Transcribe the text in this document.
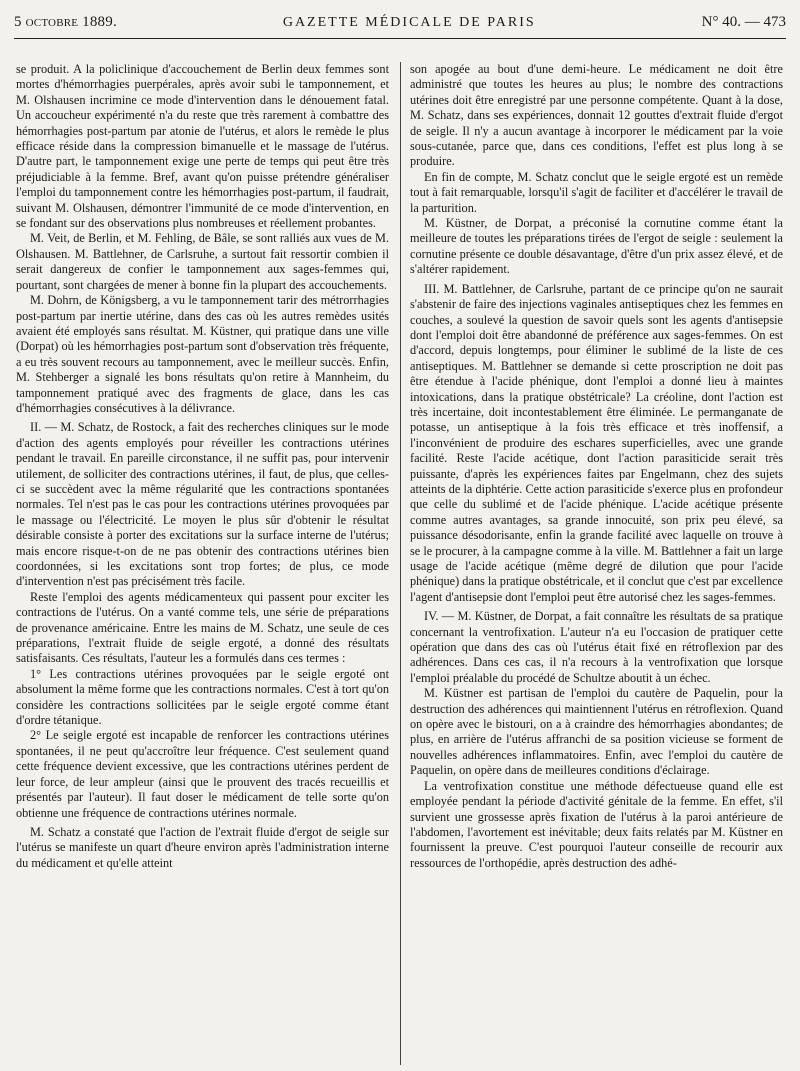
5 octobre 1889.	GAZETTE MÉDICALE DE PARIS	N° 40. — 473

se produit. A la policlinique d'accouchement de Berlin deux femmes sont mortes d'hémorrhagies puerpérales, après avoir subi le tamponnement, et M. Olshausen incrimine ce mode d'intervention dans le dénouement fatal. Un accoucheur expérimenté n'a du reste que très rarement à combattre des hémorrhagies post-partum par atonie de l'utérus, et alors le remède le plus efficace réside dans la compression bimanuelle et le massage de l'utérus. D'autre part, le tamponnement exige une perte de temps qui peut être très préjudiciable à la femme. Bref, avant qu'on puisse prétendre généraliser l'emploi du tamponnement contre les hémorrhagies post-partum, il faudrait, suivant M. Olshausen, démontrer l'immunité de ce mode d'intervention, en se fondant sur des observations plus nombreuses et réellement probantes.

M. Veit, de Berlin, et M. Fehling, de Bâle, se sont ralliés aux vues de M. Olshausen. M. Battlehner, de Carlsruhe, a surtout fait ressortir combien il serait dangereux de confier le tamponnement aux sages-femmes qui, pourtant, sont chargées de mener à bonne fin la plupart des accouchements.

M. Dohrn, de Königsberg, a vu le tamponnement tarir des métrorrhagies post-partum par inertie utérine, dans des cas où les autres remèdes usités avaient été employés sans résultat. M. Küstner, qui pratique dans une ville (Dorpat) où les hémorrhagies post-partum sont d'observation très fréquente, a eu très souvent recours au tamponnement, avec le meilleur succès. Enfin, M. Stehberger a signalé les bons résultats qu'on retire à Mannheim, du tamponnement pratiqué avec des fragments de glace, dans les cas d'hémorrhagies consécutives à la délivrance.

II. — M. Schatz, de Rostock, a fait des recherches cliniques sur le mode d'action des agents employés pour réveiller les contractions utérines pendant le travail. En pareille circonstance, il ne suffit pas, pour intervenir utilement, de solliciter des contractions utérines, il faut, de plus, que celles-ci se succèdent avec la même régularité que les contractions spontanées normales. Tel n'est pas le cas pour les contractions utérines provoquées par le massage ou l'électricité. Le moyen le plus sûr d'obtenir le résultat désirable consiste à porter des excitations sur la surface interne de l'utérus; mais encore risque-t-on de ne pas obtenir des contractions utérines bien coordonnées, si les excitations sont trop fortes; de plus, ce mode d'intervention n'est pas précisément très facile.

Reste l'emploi des agents médicamenteux qui passent pour exciter les contractions de l'utérus. On a vanté comme tels, une série de préparations de provenance américaine. Entre les mains de M. Schatz, une seule de ces préparations, l'extrait fluide de seigle ergoté, a donné des résultats satisfaisants. Ces résultats, l'auteur les a formulés dans ces termes :

1° Les contractions utérines provoquées par le seigle ergoté ont absolument la même forme que les contractions normales. C'est à tort qu'on considère les contractions sollicitées par le seigle ergoté comme étant d'ordre tétanique.

2° Le seigle ergoté est incapable de renforcer les contractions utérines spontanées, il ne peut qu'accroître leur fréquence. C'est seulement quand cette fréquence devient excessive, que les contractions utérines perdent de leur force, de leur ampleur (ainsi que le prouvent des tracés recueillis et présentés par l'auteur). Il faut doser le médicament de telle sorte qu'on obtienne une fréquence de contractions utérines normale.

M. Schatz a constaté que l'action de l'extrait fluide d'ergot de seigle sur l'utérus se manifeste un quart d'heure environ après l'administration interne du médicament et qu'elle atteint

son apogée au bout d'une demi-heure. Le médicament ne doit être administré que toutes les heures au plus; le nombre des contractions utérines doit être enregistré par une personne compétente. Quant à la dose, M. Schatz, dans ses expériences, donnait 12 gouttes d'extrait fluide d'ergot de seigle. Il n'y a aucun avantage à incorporer le médicament par la voie sous-cutanée, parce que, dans ces conditions, l'effet est plus long à se produire.

En fin de compte, M. Schatz conclut que le seigle ergoté est un remède tout à fait remarquable, lorsqu'il s'agit de faciliter et d'accélérer le travail de la parturition.

M. Küstner, de Dorpat, a préconisé la cornutine comme étant la meilleure de toutes les préparations tirées de l'ergot de seigle : seulement la cornutine présente ce double désavantage, d'être d'un prix assez élevé, et de s'altérer rapidement.

III. M. Battlehner, de Carlsruhe, partant de ce principe qu'on ne saurait s'abstenir de faire des injections vaginales antiseptiques chez les femmes en couches, a soulevé la question de savoir quels sont les agents d'antisepsie dont l'emploi doit être abandonné de préférence aux sages-femmes. On est d'accord, depuis longtemps, pour éliminer le sublimé de la liste de ces antiseptiques. M. Battlehner se demande si cette proscription ne doit pas être étendue à l'acide phénique, dont l'emploi a donné lieu à maintes intoxications, dans la pratique obstétricale? La créoline, dont l'action est très incertaine, doit incontestablement être éliminée. Le permanganate de potasse, un antiseptique à la fois très efficace et très inoffensif, a l'inconvénient de produire des eschares superficielles, avec une grande facilité. Reste l'acide acétique, dont l'action parasiticide serait très puissante, d'après les expériences faites par Engelmann, chez des sujets atteints de la diphtérie. Cette action parasiticide s'exerce plus en profondeur que celle du sublimé et de l'acide phénique. L'acide acétique présente comme autres avantages, sa grande innocuité, son prix peu élevé, sa puissance désodorisante, enfin la grande facilité avec laquelle on trouve à se le procurer, à la campagne comme à la ville. M. Battlehner a fait un large usage de l'acide acétique (même degré de dilution que pour l'acide phénique) dans la pratique obstétricale, et il conclut que c'est par excellence l'agent d'antisepsie dont l'emploi peut être autorisé chez les sages-femmes.

IV. — M. Küstner, de Dorpat, a fait connaître les résultats de sa pratique concernant la ventrofixation. L'auteur n'a eu l'occasion de pratiquer cette opération que dans des cas où l'utérus était fixé en rétroflexion par des adhérences. Dans ces cas, il n'a recours à la ventrofixation que lorsque l'emploi préalable du procédé de Schultze aboutit à un échec.

M. Küstner est partisan de l'emploi du cautère de Paquelin, pour la destruction des adhérences qui maintiennent l'utérus en rétroflexion. Quand on opère avec le bistouri, on a à craindre des hémorrhagies abondantes; de plus, en arrière de l'utérus affranchi de sa position vicieuse se forment de nouvelles adhérences inflammatoires. Enfin, avec l'emploi du cautère de Paquelin, on opère dans de meilleures conditions d'éclairage.

La ventrofixation constitue une méthode défectueuse quand elle est employée pendant la période d'activité génitale de la femme. En effet, s'il survient une grossesse après fixation de l'utérus à la paroi antérieure de l'abdomen, l'avortement est inévitable; deux faits relatés par M. Küstner en fournissent la preuve. C'est pourquoi l'auteur conseille de recourir aux ressources de l'orthopédie, après destruction des adhé-
